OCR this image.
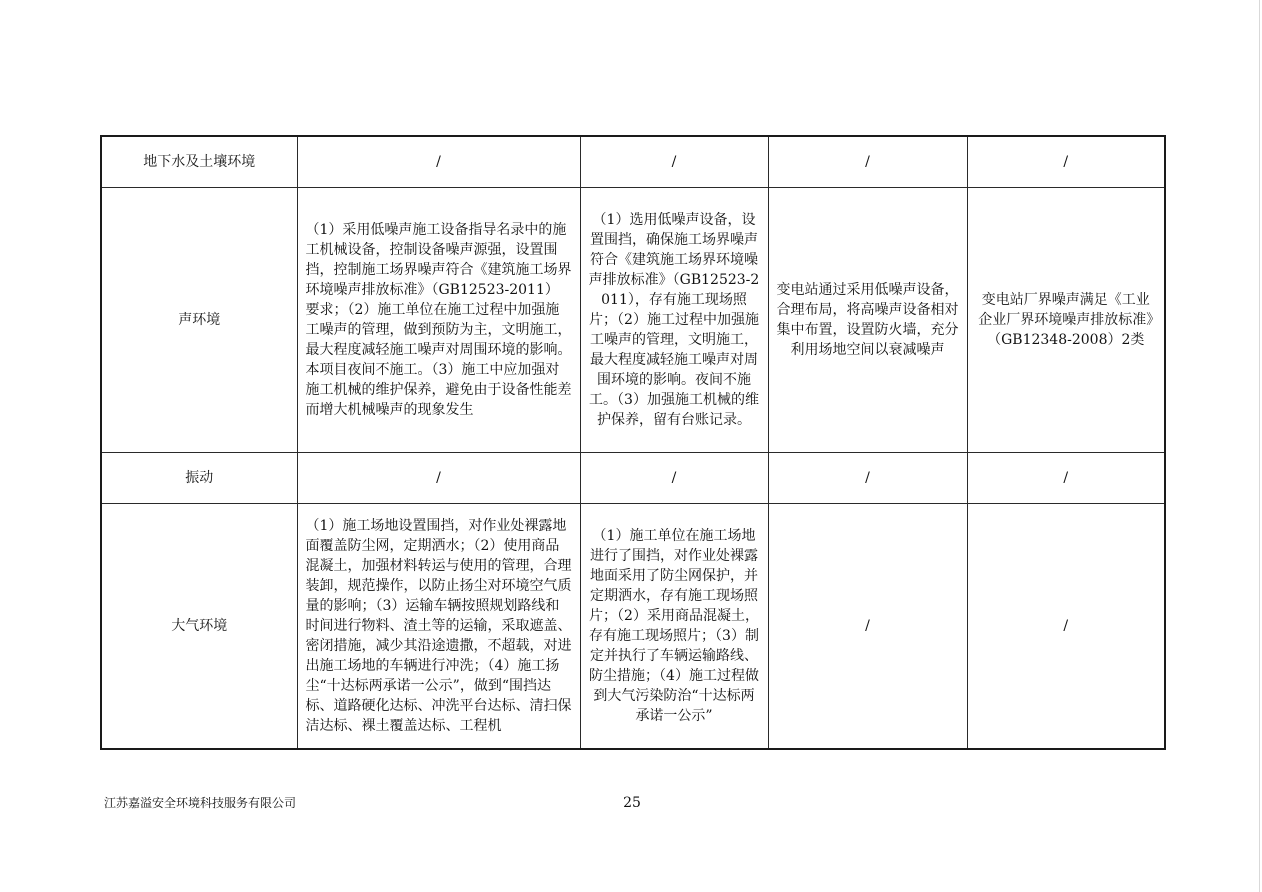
地下水及土壤环境	/	/	/	/
声环境	（1）采用低噪声施工设备指导名录中的施工机械设备，控制设备噪声源强，设置围挡，控制施工场界噪声符合《建筑施工场界环境噪声排放标准》（GB12523-2011）要求；（2）施工单位在施工过程中加强施工噪声的管理，做到预防为主，文明施工，最大程度减轻施工噪声对周围环境的影响。本项目夜间不施工。（3）施工中应加强对施工机械的维护保养，避免由于设备性能差而增大机械噪声的现象发生	（1）选用低噪声设备，设置围挡，确保施工场界噪声符合《建筑施工场界环境噪声排放标准》（GB12523-2011），存有施工现场照片；（2）施工过程中加强施工噪声的管理，文明施工，最大程度减轻施工噪声对周围环境的影响。夜间不施工。（3）加强施工机械的维护保养，留有台账记录。	变电站通过采用低噪声设备，合理布局，将高噪声设备相对集中布置，设置防火墙，充分利用场地空间以衰减噪声	变电站厂界噪声满足《工业企业厂界环境噪声排放标准》（GB12348-2008）2类
振动	/	/	/	/
大气环境	（1）施工场地设置围挡，对作业处裸露地面覆盖防尘网，定期洒水；（2）使用商品混凝土，加强材料转运与使用的管理，合理装卸，规范操作，以防止扬尘对环境空气质量的影响；（3）运输车辆按照规划路线和时间进行物料、渣土等的运输，采取遮盖、密闭措施，减少其沿途遗撒，不超载，对进出施工场地的车辆进行冲洗；（4）施工扬尘“十达标两承诺一公示”，做到“围挡达标、道路硬化达标、冲洗平台达标、清扫保洁达标、裸土覆盖达标、工程机	（1）施工单位在施工场地进行了围挡，对作业处裸露地面采用了防尘网保护，并定期洒水，存有施工现场照片；（2）采用商品混凝土，存有施工现场照片；（3）制定并执行了车辆运输路线、防尘措施；（4）施工过程做到大气污染防治“十达标两承诺一公示”	/	/
江苏嘉溢安全环境科技服务有限公司	25
